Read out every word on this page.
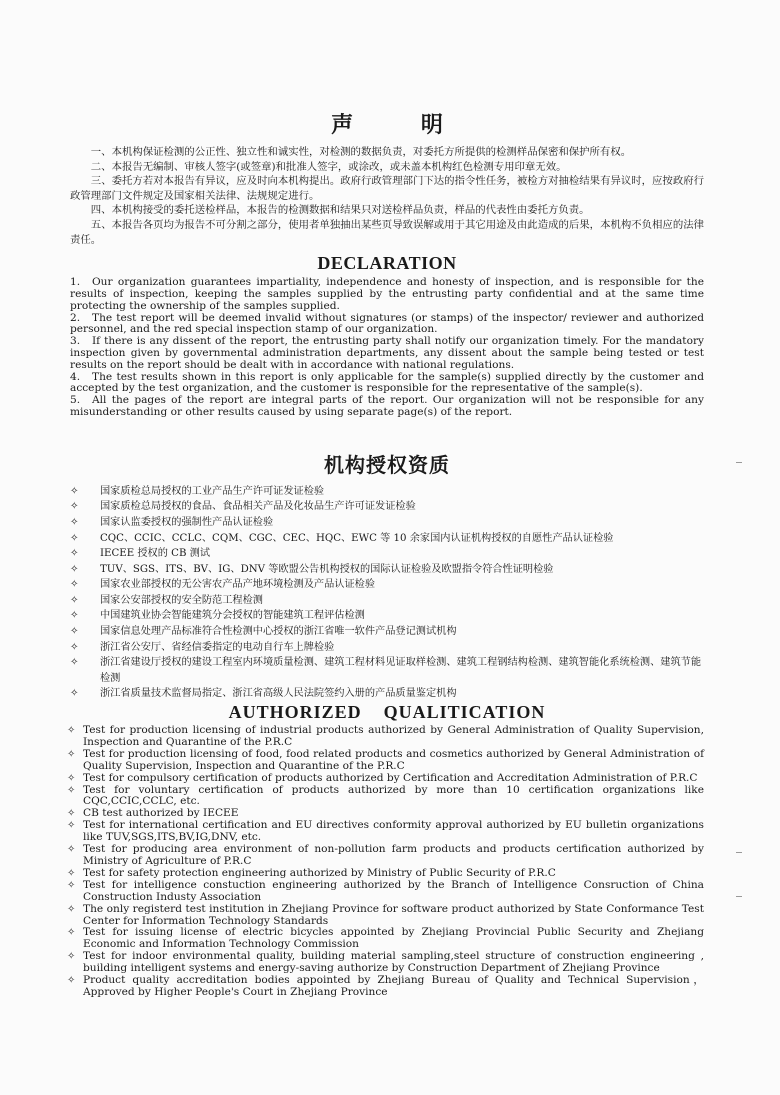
声 明

一、本机构保证检测的公正性、独立性和诚实性，对检测的数据负责，对委托方所提供的检测样品保密和保护所有权。

二、本报告无编制、审核人签字(或签章)和批准人签字，或涂改，或未盖本机构红色检测专用印章无效。

三、委托方若对本报告有异议，应及时向本机构提出。政府行政管理部门下达的指令性任务，被检方对抽检结果有异议时，应按政府行政管理部门文件规定及国家相关法律、法规规定进行。

四、本机构接受的委托送检样品，本报告的检测数据和结果只对送检样品负责，样品的代表性由委托方负责。

五、本报告各页均为报告不可分割之部分，使用者单独抽出某些页导致误解或用于其它用途及由此造成的后果，本机构不负相应的法律责任。

DECLARATION
1. Our organization guarantees impartiality, independence and honesty of inspection, and is responsible for the results of inspection, keeping the samples supplied by the entrusting party confidential and at the same time protecting the ownership of the samples supplied.
2. The test report will be deemed invalid without signatures (or stamps) of the inspector/ reviewer and authorized personnel, and the red special inspection stamp of our organization.
3. If there is any dissent of the report, the entrusting party shall notify our organization timely. For the mandatory inspection given by governmental administration departments, any dissent about the sample being tested or test results on the report should be dealt with in accordance with national regulations.
4. The test results shown in this report is only applicable for the sample(s) supplied directly by the customer and accepted by the test organization, and the customer is responsible for the representative of the sample(s).
5. All the pages of the report are integral parts of the report. Our organization will not be responsible for any misunderstanding or other results caused by using separate page(s) of the report.
机构授权资质
✧	国家质检总局授权的工业产品生产许可证发证检验
✧	国家质检总局授权的食品、食品相关产品及化妆品生产许可证发证检验
✧	国家认监委授权的强制性产品认证检验
✧	CQC、CCIC、CCLC、CQM、CGC、CEC、HQC、EWC 等 10 余家国内认证机构授权的自愿性产品认证检验
✧	IECEE 授权的 CB 测试
✧	TUV、SGS、ITS、BV、IG、DNV 等欧盟公告机构授权的国际认证检验及欧盟指令符合性证明检验
✧	国家农业部授权的无公害农产品产地环境检测及产品认证检验
✧	国家公安部授权的安全防范工程检测
✧	中国建筑业协会智能建筑分会授权的智能建筑工程评估检测
✧	国家信息处理产品标准符合性检测中心授权的浙江省唯一软件产品登记测试机构
✧	浙江省公安厅、省经信委指定的电动自行车上牌检验
✧	浙江省建设厅授权的建设工程室内环境质量检测、建筑工程材料见证取样检测、建筑工程钢结构检测、建筑智能化系统检测、建筑节能检测
✧	浙江省质量技术监督局指定、浙江省高级人民法院签约入册的产品质量鉴定机构
AUTHORIZED    QUALITICATION
✧ Test for production licensing of industrial products authorized by General Administration of Quality Supervision, Inspection and Quarantine of the P.R.C
✧ Test for production licensing of food, food related products and cosmetics authorized by General Administration of Quality Supervision, Inspection and Quarantine of the P.R.C
✧ Test for compulsory certification of products authorized by Certification and Accreditation Administration of P.R.C
✧ Test for voluntary certification of products authorized by more than 10 certification organizations like CQC,CCIC,CCLC, etc.
✧ CB test authorized by IECEE
✧ Test for international certification and EU directives conformity approval authorized by EU bulletin organizations like TUV,SGS,ITS,BV,IG,DNV, etc.
✧ Test for producing area environment of non-pollution farm products and products certification authorized by Ministry of Agriculture of P.R.C
✧ Test for safety protection engineering authorized by Ministry of Public Security of P.R.C
✧ Test for intelligence constuction engineering authorized by the Branch of Intelligence Consruction of China Construction Industy Association
✧ The only registerd test institution in Zhejiang Province for software product authorized by State Conformance Test Center for Information Technology Standards
✧ Test for issuing license of electric bicycles appointed by Zhejiang Provincial Public Security and Zhejiang Economic and Information Technology Commission
✧ Test for indoor environmental quality, building material sampling,steel structure of construction engineering , building intelligent systems and energy-saving authorize by Construction Department of Zhejiang Province
✧ Product quality accreditation bodies appointed by Zhejiang Bureau of Quality and Technical Supervision，Approved by Higher People's Court in Zhejiang Province
